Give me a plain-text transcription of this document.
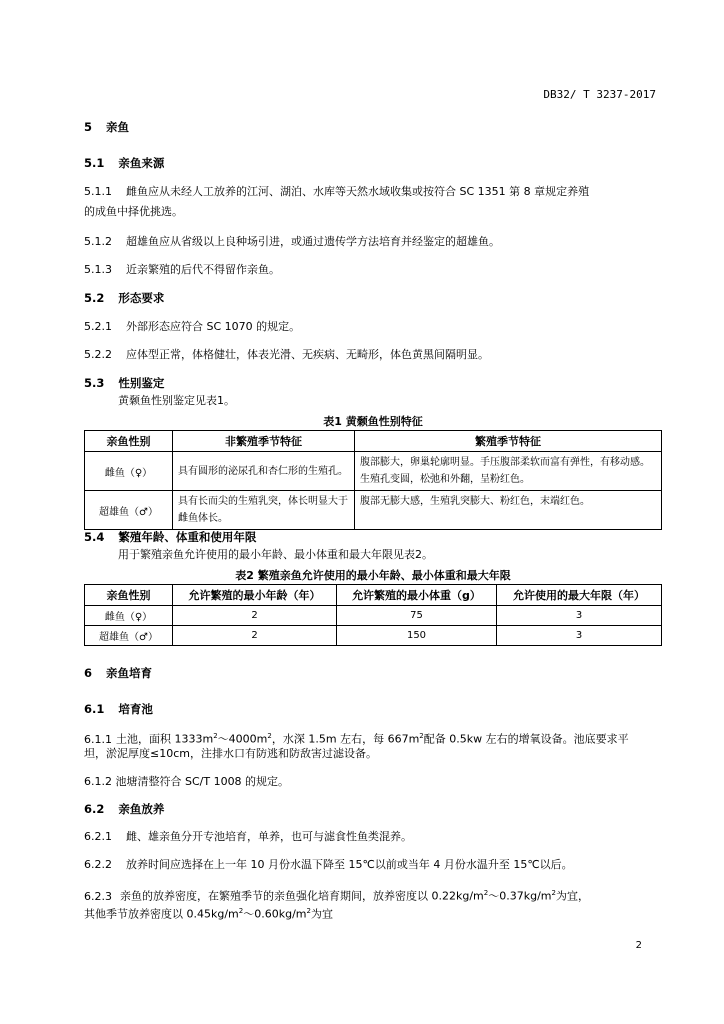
DB32/ T 3237-2017
5 亲鱼
5.1 亲鱼来源
5.1.1 雌鱼应从未经人工放养的江河、湖泊、水库等天然水域收集或按符合 SC 1351 第 8 章规定养殖
的成鱼中择优挑选。
5.1.2 超雄鱼应从省级以上良种场引进，或通过遗传学方法培育并经鉴定的超雄鱼。
5.1.3 近亲繁殖的后代不得留作亲鱼。
5.2 形态要求
5.2.1 外部形态应符合 SC 1070 的规定。
5.2.2 应体型正常，体格健壮，体表光滑、无疾病、无畸形，体色黄黑间隔明显。
5.3 性别鉴定
黄颡鱼性别鉴定见表1。
表1 黄颡鱼性别特征
亲鱼性别	非繁殖季节特征	繁殖季节特征
雌鱼（♀）	具有圆形的泌尿孔和杏仁形的生殖孔。	腹部膨大，卵巢轮廓明显。手压腹部柔软而富有弹性，有移动感。生殖孔变圆，松弛和外翻，呈粉红色。
超雄鱼（♂）	具有长而尖的生殖乳突，体长明显大于雌鱼体长。	腹部无膨大感，生殖乳突膨大、粉红色，末端红色。
5.4 繁殖年龄、体重和使用年限
用于繁殖亲鱼允许使用的最小年龄、最小体重和最大年限见表2。
表2 繁殖亲鱼允许使用的最小年龄、最小体重和最大年限
亲鱼性别	允许繁殖的最小年龄（年）	允许繁殖的最小体重（g）	允许使用的最大年限（年）
雌鱼（♀）	2	75	3
超雄鱼（♂）	2	150	3
6 亲鱼培育
6.1 培育池
6.1.1 土池，面积 $1333m^2\sim 4000m^2$，水深 1.5m 左右，每 $667m^2$配备 0.5kw 左右的增氧设备。池底要求平
坦，淤泥厚度≤10cm，注排水口有防逃和防敌害过滤设备。
6.1.2 池塘清整符合 SC/T 1008 的规定。
6.2 亲鱼放养
6.2.1 雌、雄亲鱼分开专池培育，单养，也可与滤食性鱼类混养。
6.2.2 放养时间应选择在上一年 10 月份水温下降至 15℃以前或当年 4 月份水温升至 15℃以后。
6.2.3 亲鱼的放养密度，在繁殖季节的亲鱼强化培育期间，放养密度以 $0.22kg/m^2\sim 0.37kg/m^2$为宜，
其他季节放养密度以 $0.45kg/m^2\sim 0.60kg/m^2$为宜
2
